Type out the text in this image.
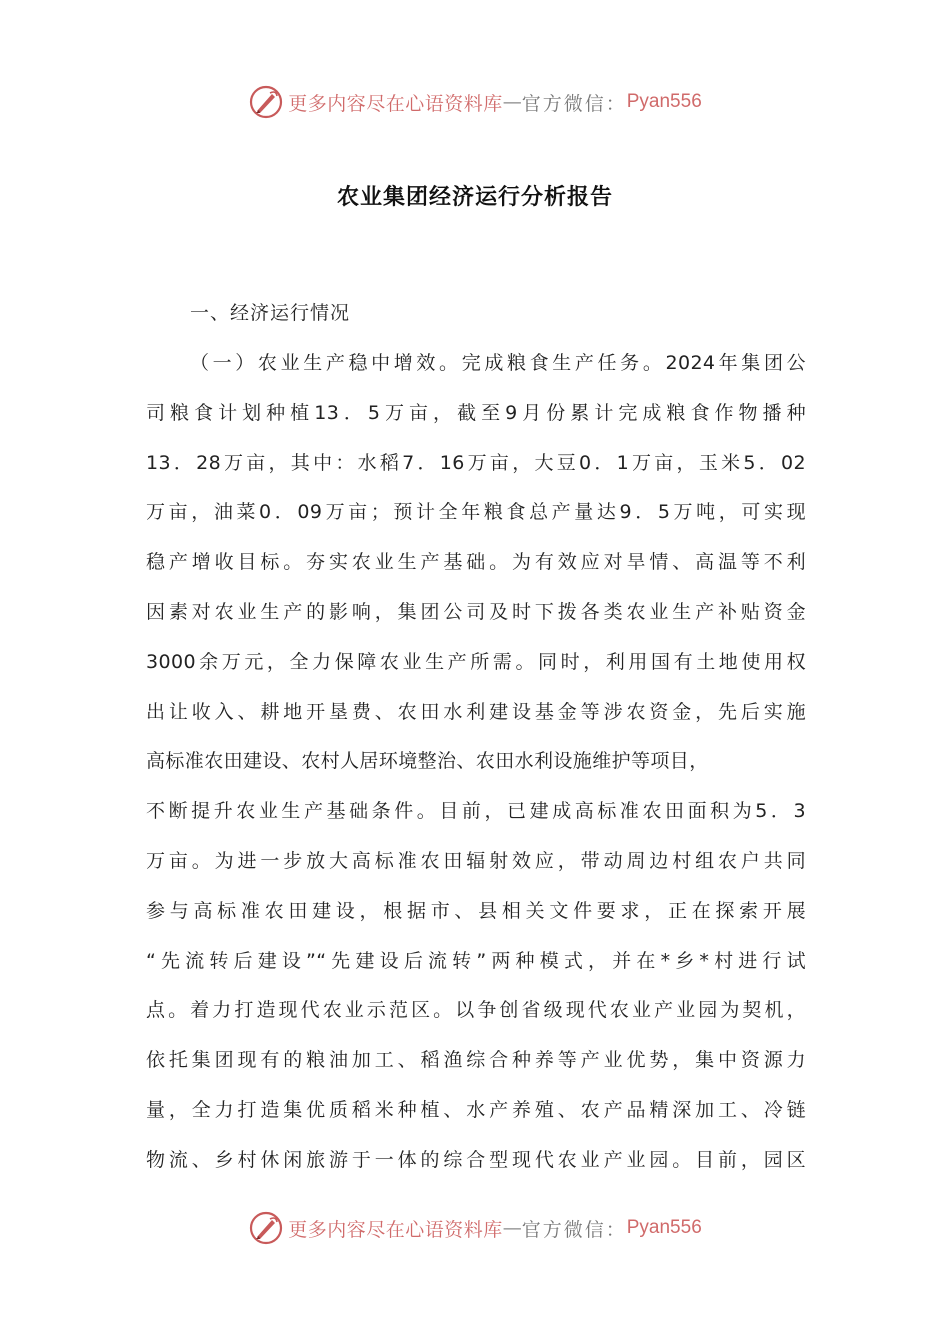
更多内容尽在心语资料库 — 官方微信： Pyan556
农业集团经济运行分析报告
一、经济运行情况
（一）农业生产稳中增效。完成粮食生产任务。2024年集团公
司粮食计划种植13．5万亩，截至9月份累计完成粮食作物播种
13．28万亩，其中：水稻7．16万亩，大豆0．1万亩，玉米5．02
万亩，油菜0．09万亩；预计全年粮食总产量达9．5万吨，可实现
稳产增收目标。夯实农业生产基础。为有效应对旱情、高温等不利
因素对农业生产的影响，集团公司及时下拨各类农业生产补贴资金
3000余万元，全力保障农业生产所需。同时，利用国有土地使用权
出让收入、耕地开垦费、农田水利建设基金等涉农资金，先后实施
高标准农田建设、农村人居环境整治、农田水利设施维护等项目，
不断提升农业生产基础条件。目前，已建成高标准农田面积为5．3
万亩。为进一步放大高标准农田辐射效应，带动周边村组农户共同
参与高标准农田建设，根据市、县相关文件要求，正在探索开展
“先流转后建设”“先建设后流转”两种模式，并在*乡*村进行试
点。着力打造现代农业示范区。以争创省级现代农业产业园为契机，
依托集团现有的粮油加工、稻渔综合种养等产业优势，集中资源力
量，全力打造集优质稻米种植、水产养殖、农产品精深加工、冷链
物流、乡村休闲旅游于一体的综合型现代农业产业园。目前，园区
更多内容尽在心语资料库 — 官方微信： Pyan556
